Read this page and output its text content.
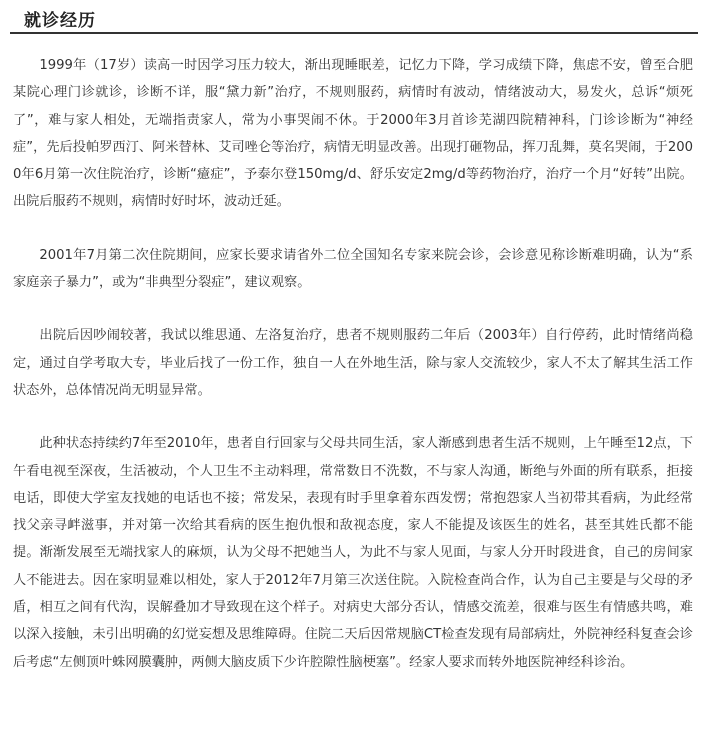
就诊经历

1999年（17岁）读高一时因学习压力较大，渐出现睡眠差，记忆力下降，学习成绩下降，焦虑不安，曾至合肥某院心理门诊就诊，诊断不详，服“黛力新”治疗，不规则服药，病情时有波动，情绪波动大，易发火，总诉“烦死了”，难与家人相处，无端指责家人，常为小事哭闹不休。于2000年3月首诊芜湖四院精神科，门诊诊断为“神经症”，先后投帕罗西汀、阿米替林、艾司唑仑等治疗，病情无明显改善。出现打砸物品，挥刀乱舞，莫名哭闹，于2000年6月第一次住院治疗，诊断“癔症”，予泰尔登150mg/d、舒乐安定2mg/d等药物治疗，治疗一个月“好转”出院。出院后服药不规则，病情时好时坏，波动迁延。

2001年7月第二次住院期间，应家长要求请省外二位全国知名专家来院会诊，会诊意见称诊断难明确，认为“系家庭亲子暴力”，或为“非典型分裂症”，建议观察。

出院后因吵闹较著，我试以维思通、左洛复治疗，患者不规则服药二年后（2003年）自行停药，此时情绪尚稳定，通过自学考取大专，毕业后找了一份工作，独自一人在外地生活，除与家人交流较少，家人不太了解其生活工作状态外，总体情况尚无明显异常。

此种状态持续约7年至2010年，患者自行回家与父母共同生活，家人渐感到患者生活不规则，上午睡至12点，下午看电视至深夜，生活被动，个人卫生不主动料理，常常数日不洗数，不与家人沟通，断绝与外面的所有联系，拒接电话，即使大学室友找她的电话也不接；常发呆，表现有时手里拿着东西发愣；常抱怨家人当初带其看病，为此经常找父亲寻衅滋事，并对第一次给其看病的医生抱仇恨和敌视态度，家人不能提及该医生的姓名，甚至其姓氏都不能提。渐渐发展至无端找家人的麻烦，认为父母不把她当人，为此不与家人见面，与家人分开时段进食，自己的房间家人不能进去。因在家明显难以相处，家人于2012年7月第三次送住院。入院检查尚合作，认为自己主要是与父母的矛盾，相互之间有代沟，误解叠加才导致现在这个样子。对病史大部分否认，情感交流差，很难与医生有情感共鸣，难以深入接触，未引出明确的幻觉妄想及思维障碍。住院二天后因常规脑CT检查发现有局部病灶，外院神经科复查会诊后考虑“左侧顶叶蛛网膜囊肿，两侧大脑皮质下少许腔隙性脑梗塞”。经家人要求而转外地医院神经科诊治。
